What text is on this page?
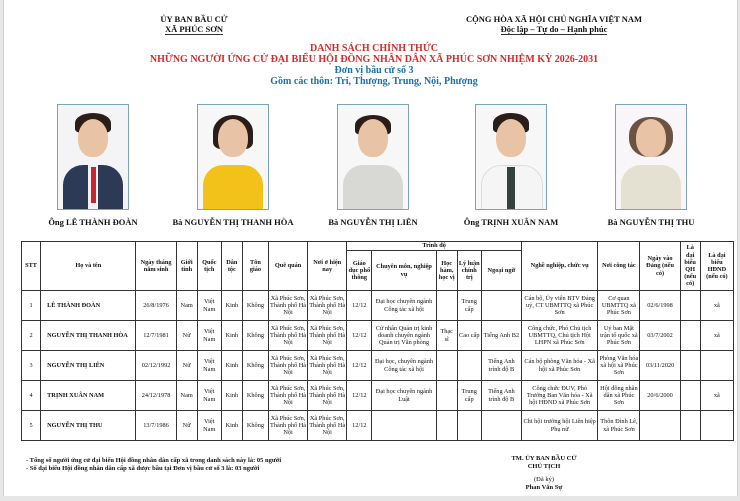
ỦY BAN BẦU CỬ
XÃ PHÚC SƠN
CỘNG HÒA XÃ HỘI CHỦ NGHĨA VIỆT NAM
Độc lập – Tự do – Hạnh phúc
DANH SÁCH CHÍNH THỨC
NHỮNG NGƯỜI ỨNG CỬ ĐẠI BIỂU HỘI ĐỒNG NHÂN DÂN XÃ PHÚC SƠN NHIỆM KỲ 2026-2031
Đơn vị bầu cử số 3
Gồm các thôn: Tri, Thượng, Trung, Nội, Phượng
Ông LÊ THÀNH ĐOÀN	Bà NGUYỄN THỊ THANH HÒA	Bà NGUYỄN THỊ LIÊN	Ông TRỊNH XUÂN NAM	Bà NGUYỄN THỊ THU
STT	Họ và tên	Ngày tháng năm sinh	Giới tính	Quốc tịch	Dân tộc	Tôn giáo	Quê quán	Nơi ở hiện nay	Trình độ					Nghề nghiệp, chức vụ	Nơi công tác	Ngày vào Đảng (nếu có)	Là đại biểu QH (nếu có)	Là đại biểu HĐND (nếu có)
									Giáo dục phổ thông	Chuyên môn, nghiệp vụ	Học hàm, học vị	Lý luận chính trị	Ngoại ngữ					
1	LÊ THÀNH ĐOÀN	26/8/1976	Nam	Việt Nam	Kinh	Không	Xã Phúc Sơn, Thành phố Hà Nội	Xã Phúc Sơn, Thành phố Hà Nội	12/12	Đại học chuyên ngành Công tác xã hội		Trung cấp		Cán bộ, Ủy viên BTV Đảng uỷ, CT UBMTTQ xã Phúc Sơn	Cơ quan UBMTTQ xã Phúc Sơn	02/6/1998		xã
2	NGUYỄN THỊ THANH HÒA	12/7/1981	Nữ	Việt Nam	Kinh	Không	Xã Phúc Sơn, Thành phố Hà Nội	Xã Phúc Sơn, Thành phố Hà Nội	12/12	Cử nhân Quản trị kinh doanh chuyên ngành Quản trị Văn phòng	Thạc sĩ	Cao cấp	Tiếng Anh B2	Công chức, Phó Chủ tịch UBMTTQ, Chủ tịch Hội LHPN xã Phúc Sơn	Uỷ ban Mặt trận tổ quốc xã Phúc Sơn	03/7/2002		xã
3	NGUYỄN THỊ LIÊN	02/12/1992	Nữ	Việt Nam	Kinh	Không	Xã Phúc Sơn, Thành phố Hà Nội	Xã Phúc Sơn, Thành phố Hà Nội	12/12	Đại học, chuyên ngành Công tác xã hội			Tiếng Anh trình độ B	Cán bộ phòng Văn hóa - Xã hội xã Phúc Sơn	Phòng Văn hóa xã hội xã Phúc Sơn	03/11/2020		
4	TRỊNH XUÂN NAM	24/12/1978	Nam	Việt Nam	Kinh	Không	Xã Phúc Sơn, Thành phố Hà Nội	Xã Phúc Sơn, Thành phố Hà Nội	12/12	Đại học chuyên ngành Luật		Trung cấp	Tiếng Anh trình độ B	Công chức ĐUV, Phó Trưởng Ban Văn hóa - Xã hội HĐND xã Phúc Sơn	Hội đồng nhân dân xã Phúc Sơn	20/6/2000		xã
5	NGUYỄN THỊ THU	13/7/1986	Nữ	Việt Nam	Kinh	Không	Xã Phúc Sơn, Thành phố Hà Nội	Xã Phúc Sơn, Thành phố Hà Nội	12/12					Chi hội trưởng hội Liên hiệp Phụ nữ	Thôn Đình Lê, xã Phúc Sơn			
- Tổng số người ứng cử đại biểu Hội đồng nhân dân cấp xã trong danh sách này là: 05 người
- Số đại biểu Hội đồng nhân dân cấp xã được bầu tại Đơn vị bầu cử số 3 là: 03 người
TM. ỦY BAN BẦU CỬ
CHỦ TỊCH
(Đã ký)
Phan Văn Sự
